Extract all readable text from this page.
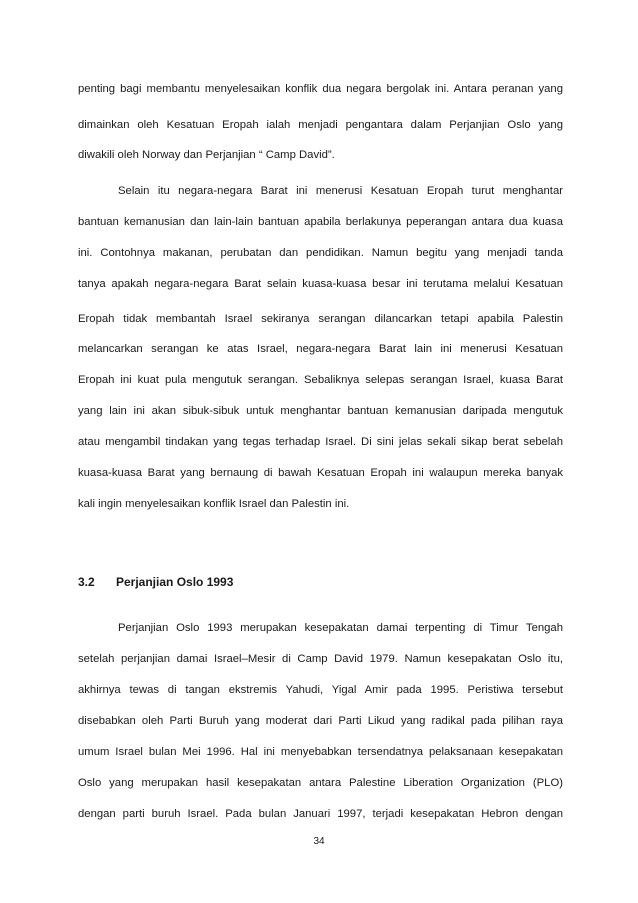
penting bagi membantu menyelesaikan konflik dua negara bergolak ini. Antara peranan yang

dimainkan oleh Kesatuan Eropah ialah menjadi pengantara dalam Perjanjian Oslo yang

diwakili oleh Norway dan Perjanjian “ Camp David”.

Selain itu negara-negara Barat ini menerusi Kesatuan Eropah turut menghantar

bantuan kemanusian dan lain-lain bantuan apabila berlakunya peperangan antara dua kuasa

ini. Contohnya makanan, perubatan dan pendidikan. Namun begitu yang menjadi tanda

tanya apakah negara-negara Barat selain kuasa-kuasa besar ini terutama melalui Kesatuan

Eropah tidak membantah Israel sekiranya serangan dilancarkan tetapi apabila Palestin

melancarkan serangan ke atas Israel, negara-negara Barat lain ini menerusi Kesatuan

Eropah ini kuat pula mengutuk serangan. Sebaliknya selepas serangan Israel, kuasa Barat

yang lain ini akan sibuk-sibuk untuk menghantar bantuan kemanusian daripada mengutuk

atau mengambil tindakan yang tegas terhadap Israel. Di sini jelas sekali sikap berat sebelah

kuasa-kuasa Barat yang bernaung di bawah Kesatuan Eropah ini walaupun mereka banyak

kali ingin menyelesaikan konflik Israel dan Palestin ini.

3.2 Perjanjian Oslo 1993

Perjanjian Oslo 1993 merupakan kesepakatan damai terpenting di Timur Tengah

setelah perjanjian damai Israel–Mesir di Camp David 1979. Namun kesepakatan Oslo itu,

akhirnya tewas di tangan ekstremis Yahudi, Yigal Amir pada 1995. Peristiwa tersebut

disebabkan oleh Parti Buruh yang moderat dari Parti Likud yang radikal pada pilihan raya

umum Israel bulan Mei 1996. Hal ini menyebabkan tersendatnya pelaksanaan kesepakatan

Oslo yang merupakan hasil kesepakatan antara Palestine Liberation Organization (PLO)

dengan parti buruh Israel. Pada bulan Januari 1997, terjadi kesepakatan Hebron dengan

34
